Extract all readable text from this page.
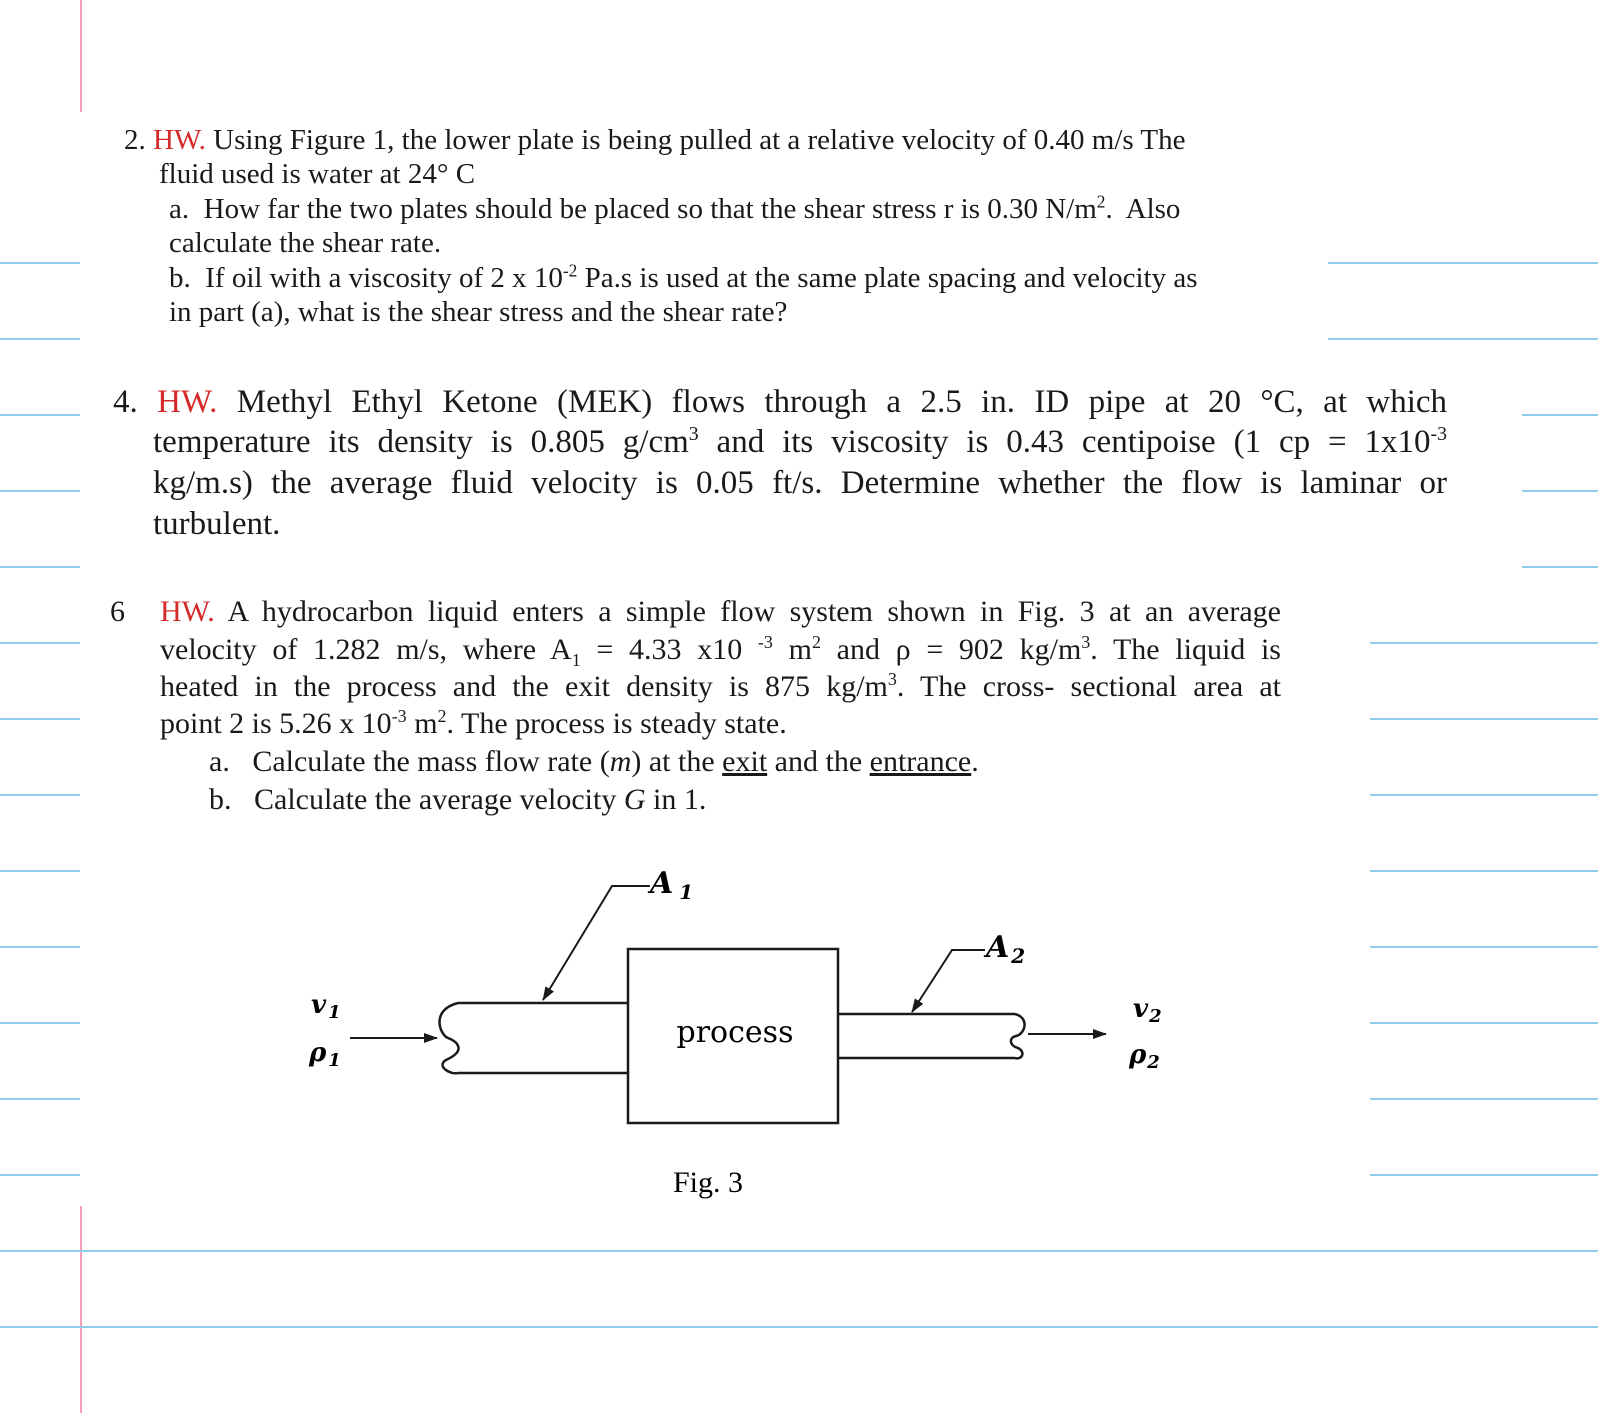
2. HW. Using Figure 1, the lower plate is being pulled at a relative velocity of 0.40 m/s The
fluid used is water at 24° C
a. How far the two plates should be placed so that the shear stress r is 0.30 $N/m^2$.  Also
calculate the shear rate.
b. If oil with a viscosity of 2 x $10^{-2}$ Pa.s is used at the same plate spacing and velocity as
in part (a), what is the shear stress and the shear rate?
4. HW. Methyl Ethyl Ketone (MEK) flows through a 2.5 in. ID pipe at 20 °C, at which
temperature its density is 0.805 $g/cm^3$ and its viscosity is 0.43 centipoise (1 cp = $1x10^{-3}$
kg/m.s) the average fluid velocity is 0.05 ft/s. Determine whether the flow is laminar or
turbulent.
6 HW. A hydrocarbon liquid enters a simple flow system shown in Fig. 3 at an average
velocity of 1.282 m/s, where $A_1 = 4.33$ x10 $^{-3}$ $m^2$ and ρ = 902 $kg/m^3$. The liquid is
heated in the process and the exit density is 875 $kg/m^3$. The cross- sectional area at
point 2 is 5.26 x $10^{-3}$ $m^2$. The process is steady state.
a. Calculate the mass flow rate (m) at the exit and the entrance.
b. Calculate the average velocity G in 1.
A $_1$
A $_2$
v 1
ρ 1
v2
ρ2
process
Fig. 3
